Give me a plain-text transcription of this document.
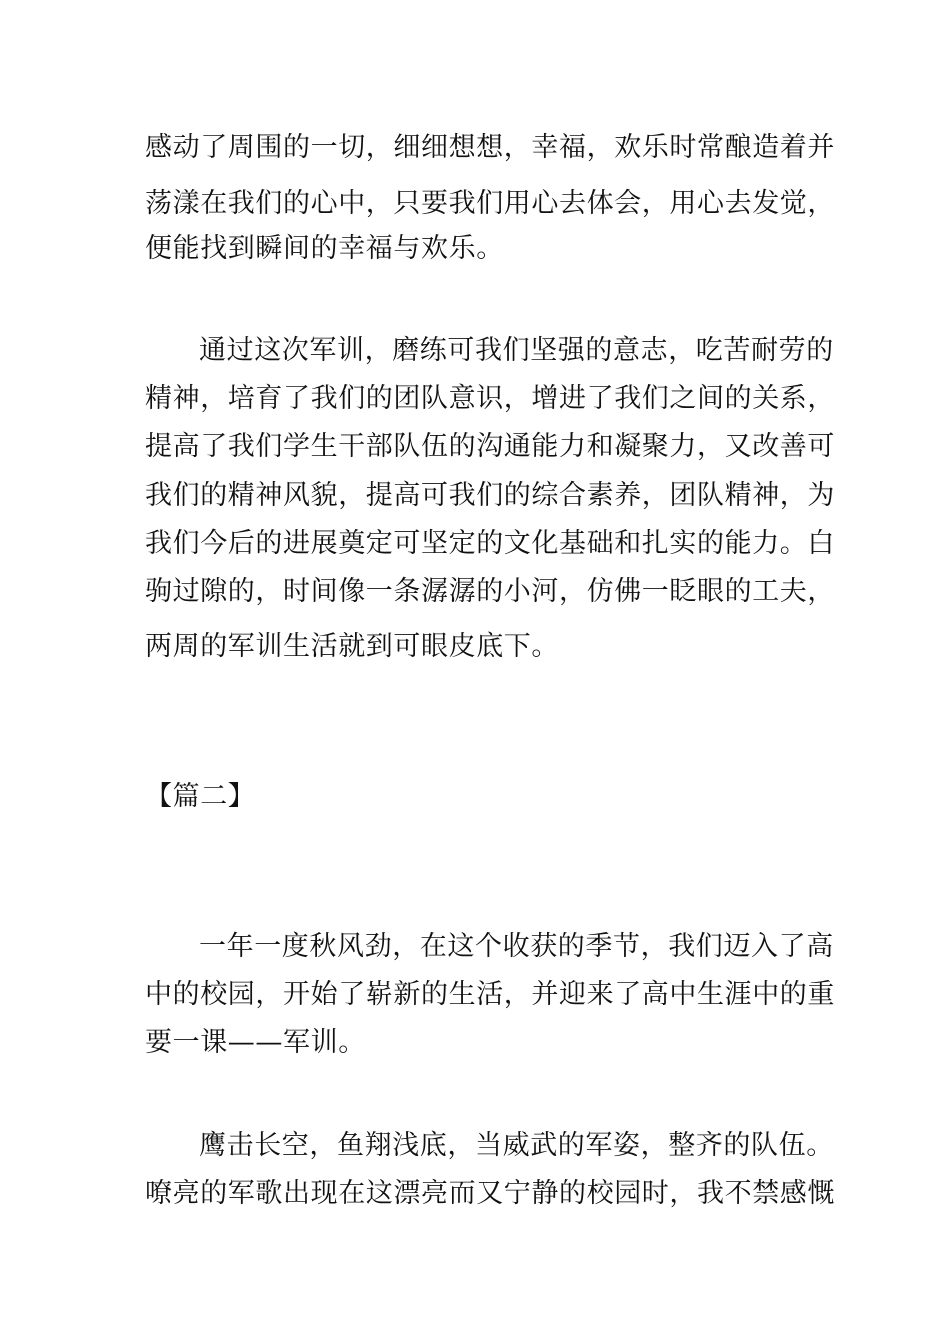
感动了周围的一切，细细想想，幸福，欢乐时常酿造着并

荡漾在我们的心中，只要我们用心去体会，用心去发觉，

便能找到瞬间的幸福与欢乐。

通过这次军训，磨练可我们坚强的意志，吃苦耐劳的

精神，培育了我们的团队意识，增进了我们之间的关系，

提高了我们学生干部队伍的沟通能力和凝聚力，又改善可

我们的精神风貌，提高可我们的综合素养，团队精神，为

我们今后的进展奠定可坚定的文化基础和扎实的能力。白

驹过隙的，时间像一条潺潺的小河，仿佛一眨眼的工夫，

两周的军训生活就到可眼皮底下。

【篇二】

一年一度秋风劲，在这个收获的季节，我们迈入了高

中的校园，开始了崭新的生活，并迎来了高中生涯中的重

要一课——军训。

鹰击长空，鱼翔浅底，当威武的军姿，整齐的队伍。

嘹亮的军歌出现在这漂亮而又宁静的校园时，我不禁感慨
